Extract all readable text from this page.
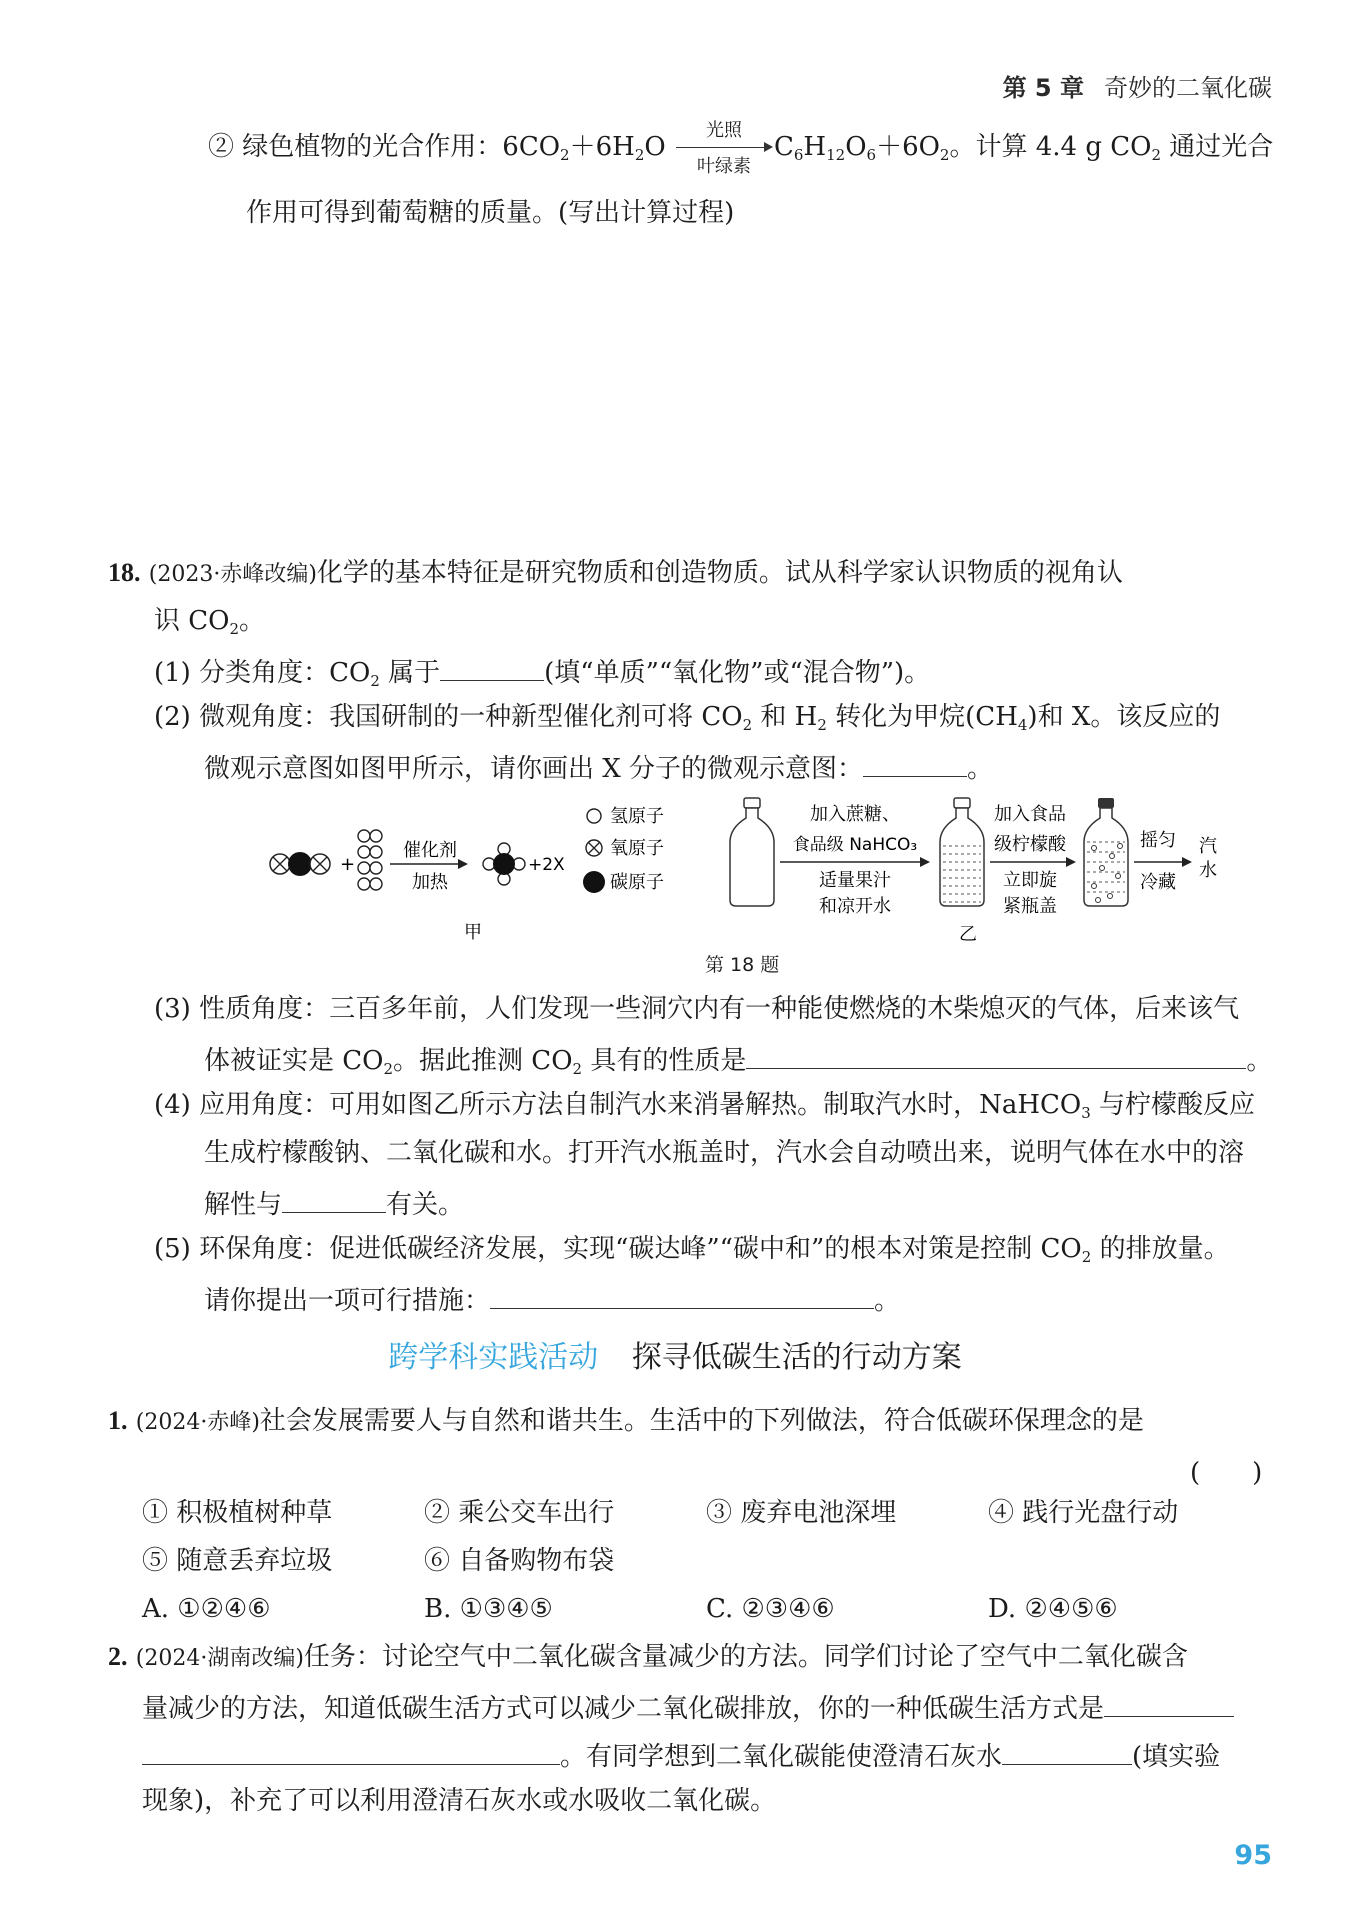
第 5 章 奇妙的二氧化碳
② 绿色植物的光合作用：$6CO_2+6H_2O$
光照
叶绿素
$C_6H_{12}O_6+6O_2$。计算 4.4 g $CO_2$ 通过光合
作用可得到葡萄糖的质量。(写出计算过程)
18. (2023·赤峰改编)化学的基本特征是研究物质和创造物质。试从科学家认识物质的视角认
识 $CO_2$。
(1) 分类角度：$CO_2$ 属于	(填“单质”“氧化物”或“混合物”)。
(2) 微观角度：我国研制的一种新型催化剂可将 $CO_2$ 和 $H_2$ 转化为甲烷$(CH_4)$和 X。该反应的
微观示意图如图甲所示，请你画出 X 分子的微观示意图：	。
+
催化剂
加热
+2X
氢原子
氧原子
碳原子
甲
加入蔗糖、
食品级 NaHCO₃
适量果汁
和凉开水
加入食品
级柠檬酸
立即旋
紧瓶盖
摇匀
冷藏
汽
水
乙
第 18 题
(3) 性质角度：三百多年前，人们发现一些洞穴内有一种能使燃烧的木柴熄灭的气体，后来该气
体被证实是 $CO_2$。据此推测 $CO_2$ 具有的性质是	。
(4) 应用角度：可用如图乙所示方法自制汽水来消暑解热。制取汽水时，NaHCO$_3$ 与柠檬酸反应
生成柠檬酸钠、二氧化碳和水。打开汽水瓶盖时，汽水会自动喷出来，说明气体在水中的溶
解性与	有关。
(5) 环保角度：促进低碳经济发展，实现“碳达峰”“碳中和”的根本对策是控制 $CO_2$ 的排放量。
请你提出一项可行措施：	。
跨学科实践活动 探寻低碳生活的行动方案
1. (2024·赤峰)社会发展需要人与自然和谐共生。生活中的下列做法，符合低碳环保理念的是
(　　)
① 积极植树种草	② 乘公交车出行	③ 废弃电池深埋	④ 践行光盘行动
⑤ 随意丢弃垃圾	⑥ 自备购物布袋
A. ①②④⑥	B. ①③④⑤	C. ②③④⑥	D. ②④⑤⑥
2. (2024·湖南改编)任务：讨论空气中二氧化碳含量减少的方法。同学们讨论了空气中二氧化碳含
量减少的方法，知道低碳生活方式可以减少二氧化碳排放，你的一种低碳生活方式是
。有同学想到二氧化碳能使澄清石灰水	(填实验
现象)，补充了可以利用澄清石灰水或水吸收二氧化碳。
95
